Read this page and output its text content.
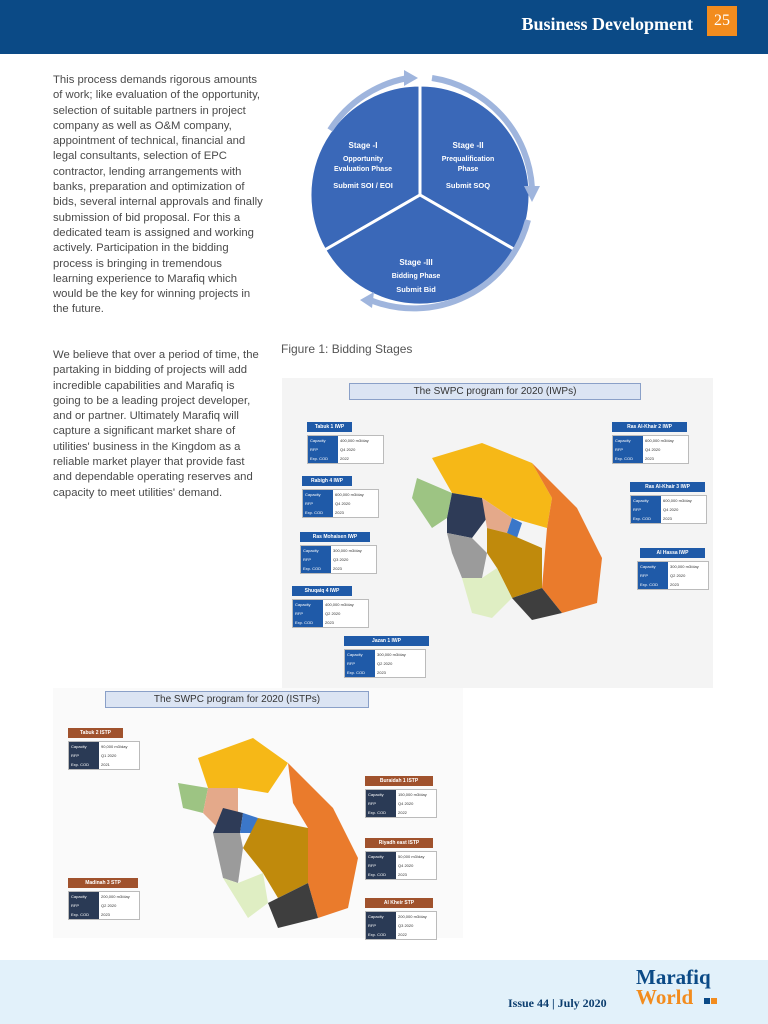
Business Development	25

This process demands rigorous amounts of work; like evaluation of the opportunity, selection of suitable partners in project company as well as O&M company, appointment of technical, financial and legal consultants, selection of EPC contractor, lending arrangements with banks, preparation and optimization of bids, several internal approvals and finally submission of bid proposal. For this a dedicated team is assigned and working actively. Participation in the bidding process is bringing in tremendous learning experience to Marafiq which would be the key for winning projects in the future.

We believe that over a period of time, the partaking in bidding of projects will add incredible capabilities and Marafiq is going to be a leading project developer, and or partner. Ultimately Marafiq will capture a significant market share of utilities' business in the Kingdom as a reliable market player that provide fast and dependable operating reserves and capacity to meet utilities' demand.

Stage -I
Opportunity
Evaluation Phase
Submit SOI / EOI
Stage -II
Prequalification
Phase
Submit SOQ
Stage -III
Bidding Phase
Submit Bid
Figure 1: Bidding Stages
The SWPC program for 2020 (IWPs)
Tabuk 1 IWP
Capacity	400,000 m3/day
RFP	Q4 2020
Exp. COD	2022
Rabigh 4 IWP
Capacity	600,000 m3/day
RFP	Q4 2020
Exp. COD	2023
Ras Mohaisen IWP
Capacity	300,000 m3/day
RFP	Q3 2020
Exp. COD	2023
Shuqaiq 4 IWP
Capacity	400,000 m3/day
RFP	Q2 2020
Exp. COD	2023
Jazan 1 IWP
Capacity	300,000 m3/day
RFP	Q2 2020
Exp. COD	2023
Ras Al-Khair 2 IWP
Capacity	600,000 m3/day
RFP	Q4 2020
Exp. COD	2023
Ras Al-Khair 3 IWP
Capacity	600,000 m3/day
RFP	Q4 2020
Exp. COD	2023
Al Hassa IWP
Capacity	300,000 m3/day
RFP	Q2 2020
Exp. COD	2023
The SWPC program for 2020 (ISTPs)
Tabuk 2 ISTP
Capacity	90,000 m3/day
RFP	Q1 2020
Exp. COD	2021
Madinah 3 STP
Capacity	200,000 m3/day
RFP	Q2 2020
Exp. COD	2023
Buraidah 1 ISTP
Capacity	150,000 m3/day
RFP	Q4 2020
Exp. COD	2022
Riyadh east ISTP
Capacity	50,000 m3/day
RFP	Q4 2020
Exp. COD	2023
Al Kheir STP
Capacity	200,000 m3/day
RFP	Q3 2020
Exp. COD	2022
Issue 44 | July 2020
Marafiq
World
